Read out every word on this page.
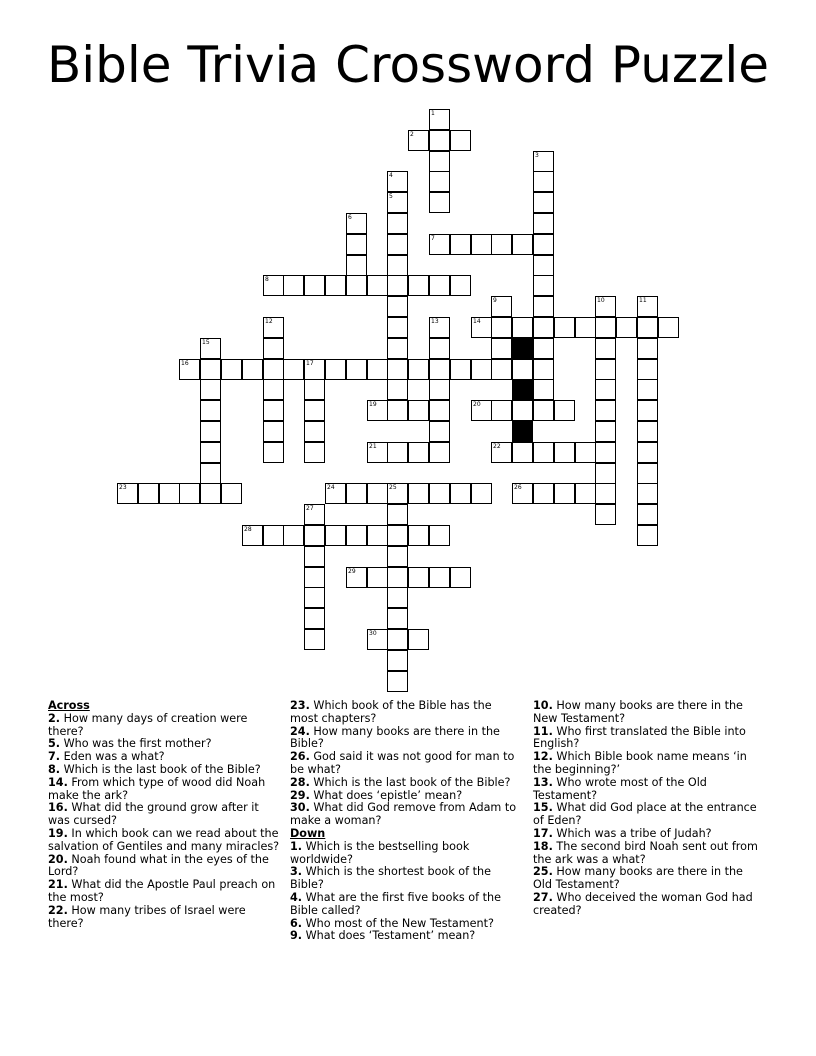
Bible Trivia Crossword Puzzle
2
5
7
8
14
16	17
19	20
21	22
23	24	25	26
28
29
30
1
3
4
6
9	10	11
12	13
15
18
27
Across
2. How many days of creation were there?
5. Who was the first mother?
7. Eden was a what?
8. Which is the last book of the Bible?
14. From which type of wood did Noah make the ark?
16. What did the ground grow after it was cursed?
19. In which book can we read about the salvation of Gentiles and many miracles?
20. Noah found what in the eyes of the Lord?
21. What did the Apostle Paul preach on the most?
22. How many tribes of Israel were there?
23. Which book of the Bible has the most chapters?
24. How many books are there in the Bible?
26. God said it was not good for man to be what?
28. Which is the last book of the Bible?
29. What does ‘epistle’ mean?
30. What did God remove from Adam to make a woman?
Down
1. Which is the bestselling book worldwide?
3. Which is the shortest book of the Bible?
4. What are the first five books of the Bible called?
6. Who most of the New Testament?
9. What does ‘Testament’ mean?
10. How many books are there in the New Testament?
11. Who first translated the Bible into English?
12. Which Bible book name means ‘in the beginning?’
13. Who wrote most of the Old Testament?
15. What did God place at the entrance of Eden?
17. Which was a tribe of Judah?
18. The second bird Noah sent out from the ark was a what?
25. How many books are there in the Old Testament?
27. Who deceived the woman God had created?
